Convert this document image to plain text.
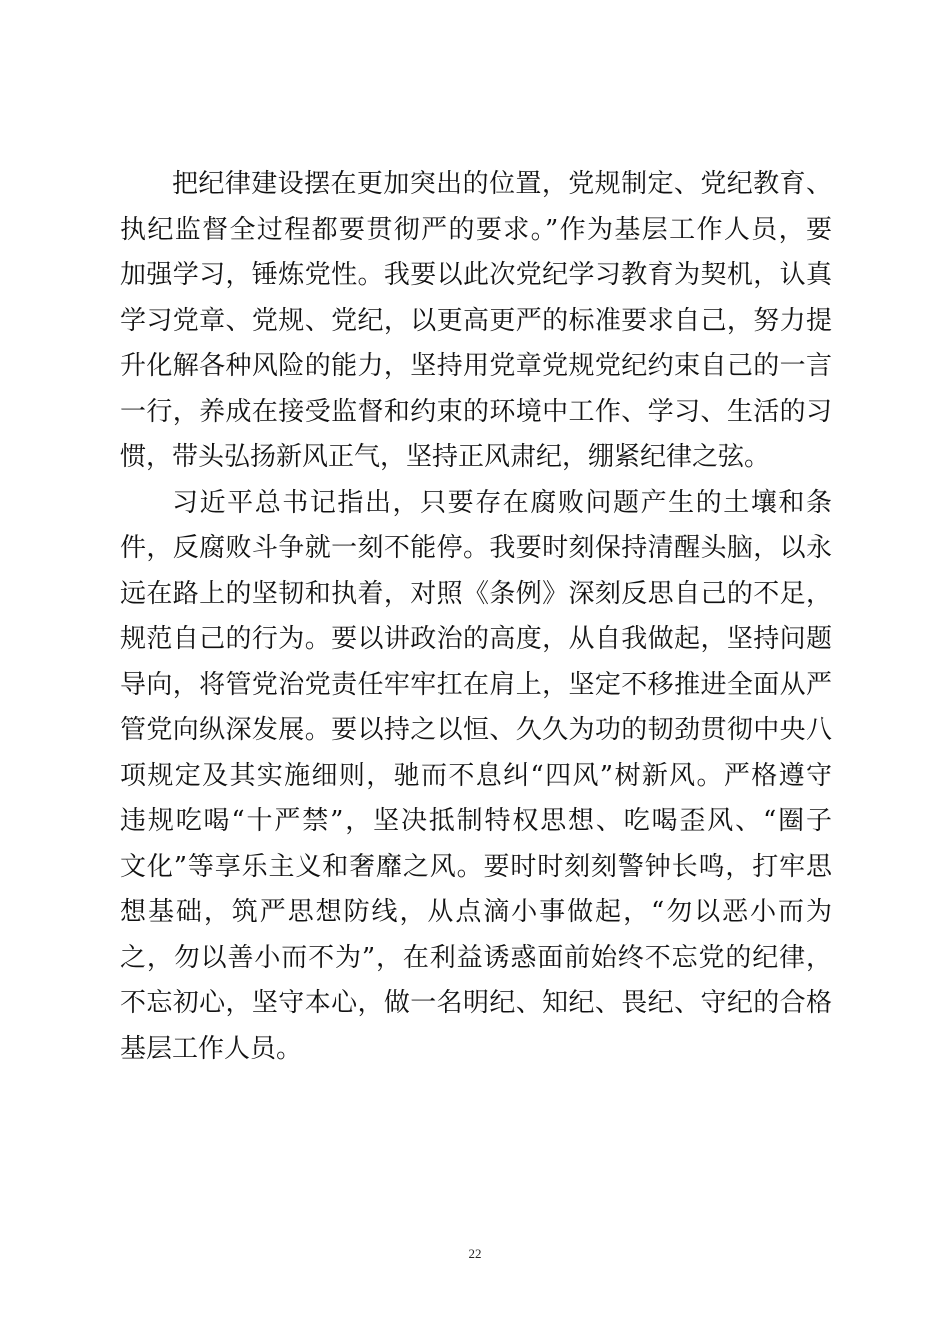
把纪律建设摆在更加突出的位置，党规制定、党纪教育、
执纪监督全过程都要贯彻严的要求。”作为基层工作人员，要
加强学习，锤炼党性。我要以此次党纪学习教育为契机，认真
学习党章、党规、党纪，以更高更严的标准要求自己，努力提
升化解各种风险的能力，坚持用党章党规党纪约束自己的一言
一行，养成在接受监督和约束的环境中工作、学习、生活的习
惯，带头弘扬新风正气，坚持正风肃纪，绷紧纪律之弦。
习近平总书记指出，只要存在腐败问题产生的土壤和条
件，反腐败斗争就一刻不能停。我要时刻保持清醒头脑，以永
远在路上的坚韧和执着，对照《条例》深刻反思自己的不足，
规范自己的行为。要以讲政治的高度，从自我做起，坚持问题
导向，将管党治党责任牢牢扛在肩上，坚定不移推进全面从严
管党向纵深发展。要以持之以恒、久久为功的韧劲贯彻中央八
项规定及其实施细则，驰而不息纠“四风”树新风。严格遵守
违规吃喝“十严禁”，坚决抵制特权思想、吃喝歪风、“圈子
文化”等享乐主义和奢靡之风。要时时刻刻警钟长鸣，打牢思
想基础，筑严思想防线，从点滴小事做起，“勿以恶小而为
之，勿以善小而不为”，在利益诱惑面前始终不忘党的纪律，
不忘初心，坚守本心，做一名明纪、知纪、畏纪、守纪的合格
基层工作人员。
22
